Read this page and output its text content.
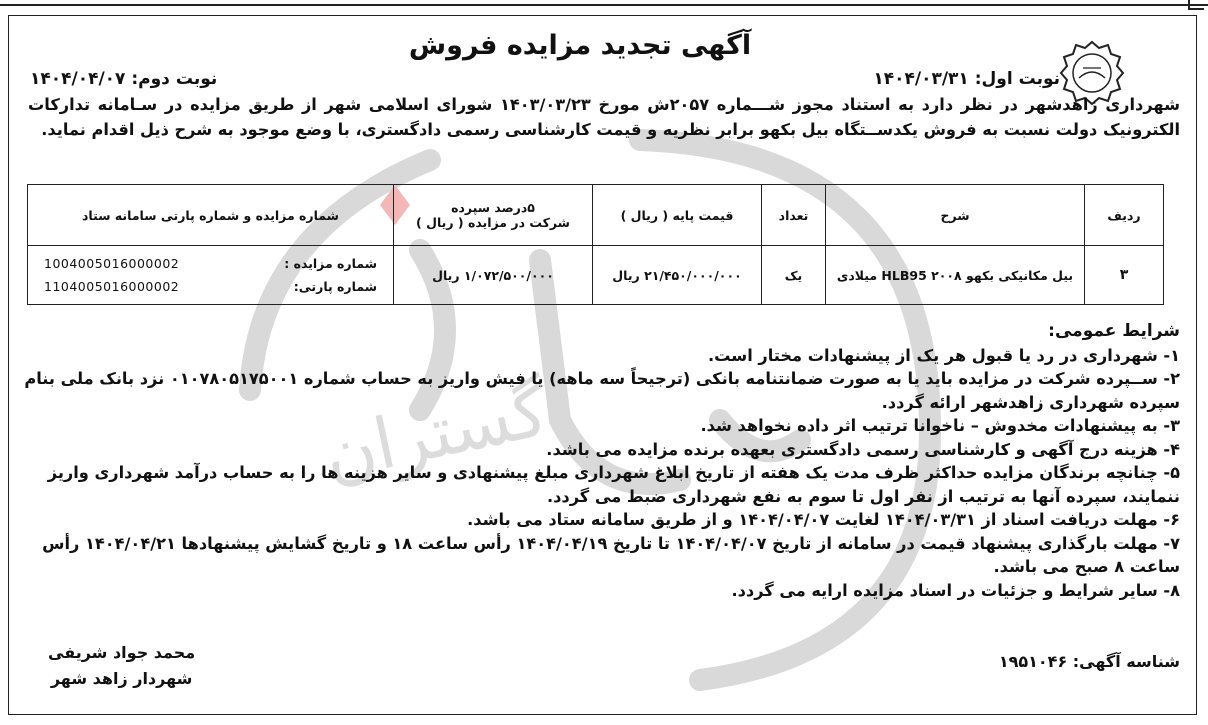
گستران
آگهی تجدید مزایده فروش
نوبت اول: ۱۴۰۴/۰۳/۳۱
نوبت دوم: ۱۴۰۴/۰۴/۰۷
شهرداری زاهدشهر در نظر دارد به استناد مجوز شـــماره ۲۰۵۷ش مورخ ۱۴۰۳/۰۳/۲۳ شورای اسلامی شهر از طریق مزایده در سـامانه تدارکات الکترونیک دولت نسبت به فروش یکدســتگاه بیل بکهو برابر نظریه و قیمت کارشناسی رسمی دادگستری، با وضع موجود به شرح ذیل اقدام نماید.
ردیف	شرح	تعداد	قیمت پایه ( ریال )	۵درصد سپرده
شرکت در مزایده ( ریال )	شماره مزایده و شماره پارتی سامانه ستاد
۳	بیل مکانیکی بکهو HLB95 ۲۰۰۸ میلادی	یک	۲۱/۴۵۰/۰۰۰/۰۰۰ ریال	۱/۰۷۲/۵۰۰/۰۰۰ ریال	شماره مزایده :
1004005016000002
شماره پارتی:
1104005016000002
شرایط عمومی:
۱- شهرداری در رد یا قبول هر یک از پیشنهادات مختار است.
۲- ســپرده شرکت در مزایده باید یا به صورت ضمانتنامه بانکی (ترجیحاً سه ماهه) یا فیش واریز به حساب شماره ۰۱۰۷۸۰۵۱۷۵۰۰۱ نزد بانک ملی بنام سپرده شهرداری زاهدشهر ارائه گردد.
۳- به پیشنهادات مخدوش – ناخوانا ترتیب اثر داده نخواهد شد.
۴- هزینه درج آگهی و کارشناسی رسمی دادگستری بعهده برنده مزایده می باشد.
۵- چنانچه برندگان مزایده حداکثر ظرف مدت یک هفته از تاریخ ابلاغ شهرداری مبلغ پیشنهادی و سایر هزینه ها را به حساب درآمد شهرداری واریز ننمایند، سپرده آنها به ترتیب از نفر اول تا سوم به نفع شهرداری ضبط می گردد.
۶- مهلت دریافت اسناد از ۱۴۰۴/۰۳/۳۱ لغایت ۱۴۰۴/۰۴/۰۷ و از طریق سامانه ستاد می باشد.
۷- مهلت بارگذاری پیشنهاد قیمت در سامانه از تاریخ ۱۴۰۴/۰۴/۰۷ تا تاریخ ۱۴۰۴/۰۴/۱۹ رأس ساعت ۱۸ و تاریخ گشایش پیشنهادها ۱۴۰۴/۰۴/۲۱ رأس ساعت ۸ صبح می باشد.
۸- سایر شرایط و جزئیات در اسناد مزایده ارایه می گردد.
شناسه آگهی: ۱۹۵۱۰۴۶
محمد جواد شریفی
شهردار زاهد شهر
